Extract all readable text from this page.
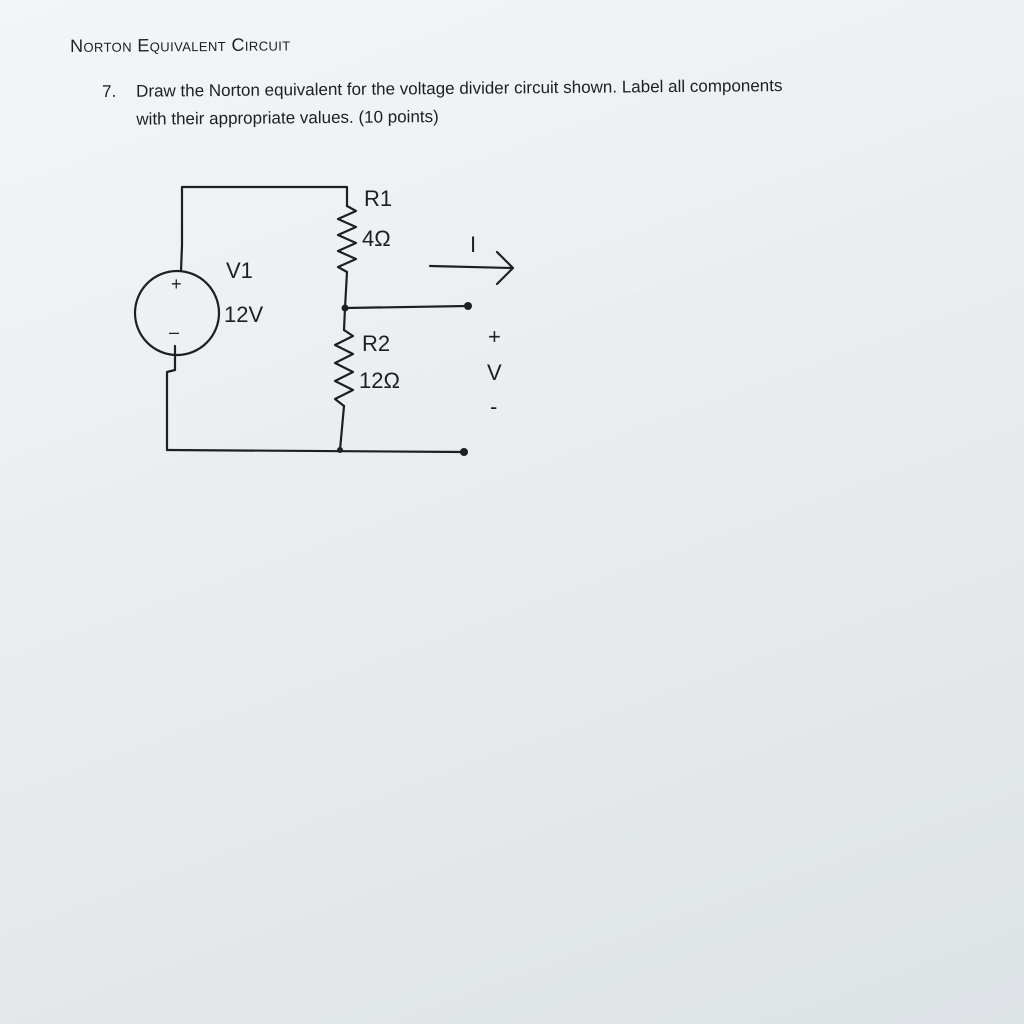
Norton Equivalent Circuit
7. Draw the Norton equivalent for the voltage divider circuit shown. Label all components
with their appropriate values. (10 points)
+
–
V1
12V
R1
4Ω
R2
12Ω
I
+
V
-
